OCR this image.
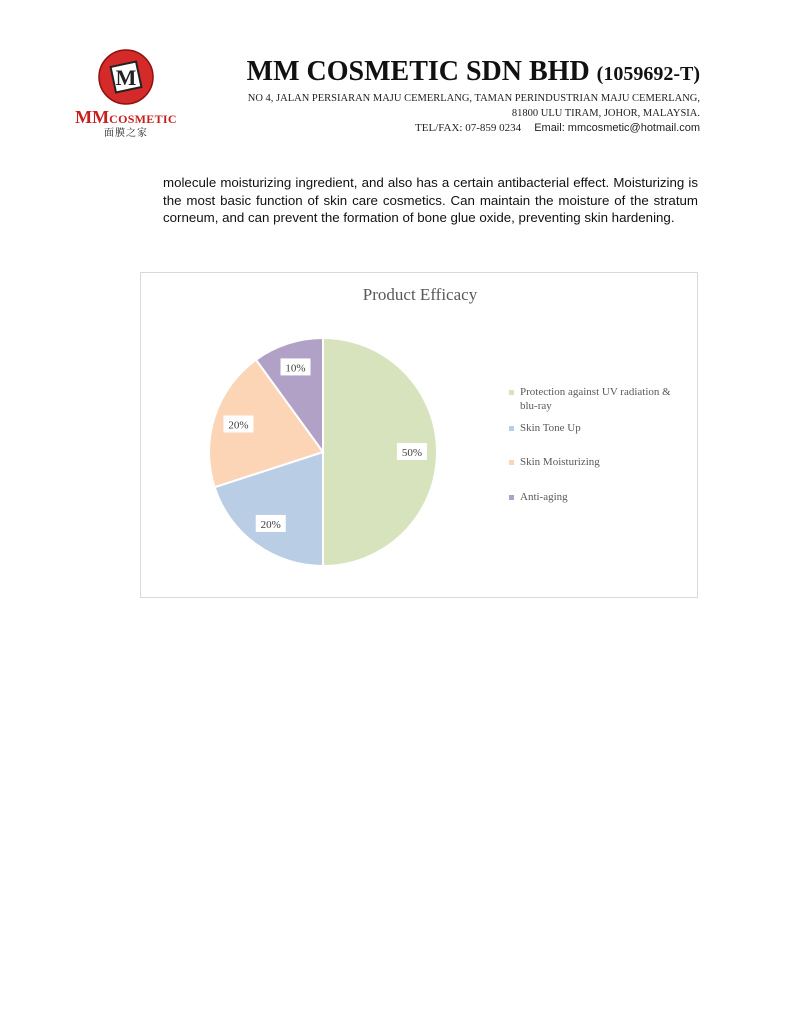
M
MMCOSMETIC
面膜之家
MM COSMETIC SDN BHD (1059692-T)
NO 4, JALAN PERSIARAN MAJU CEMERLANG, TAMAN PERINDUSTRIAN MAJU CEMERLANG,
81800 ULU TIRAM, JOHOR, MALAYSIA.
TEL/FAX: 07-859 0234 Email: mmcosmetic@hotmail.com

molecule moisturizing ingredient, and also has a certain antibacterial effect. Moisturizing is the most basic function of skin care cosmetics. Can maintain the moisture of the stratum corneum, and can prevent the formation of bone glue oxide, preventing skin hardening.

Product Efficacy
50%
20%
20%
10%
Protection against UV radiation &
blu-ray
Skin Tone Up
Skin Moisturizing
Anti-aging
